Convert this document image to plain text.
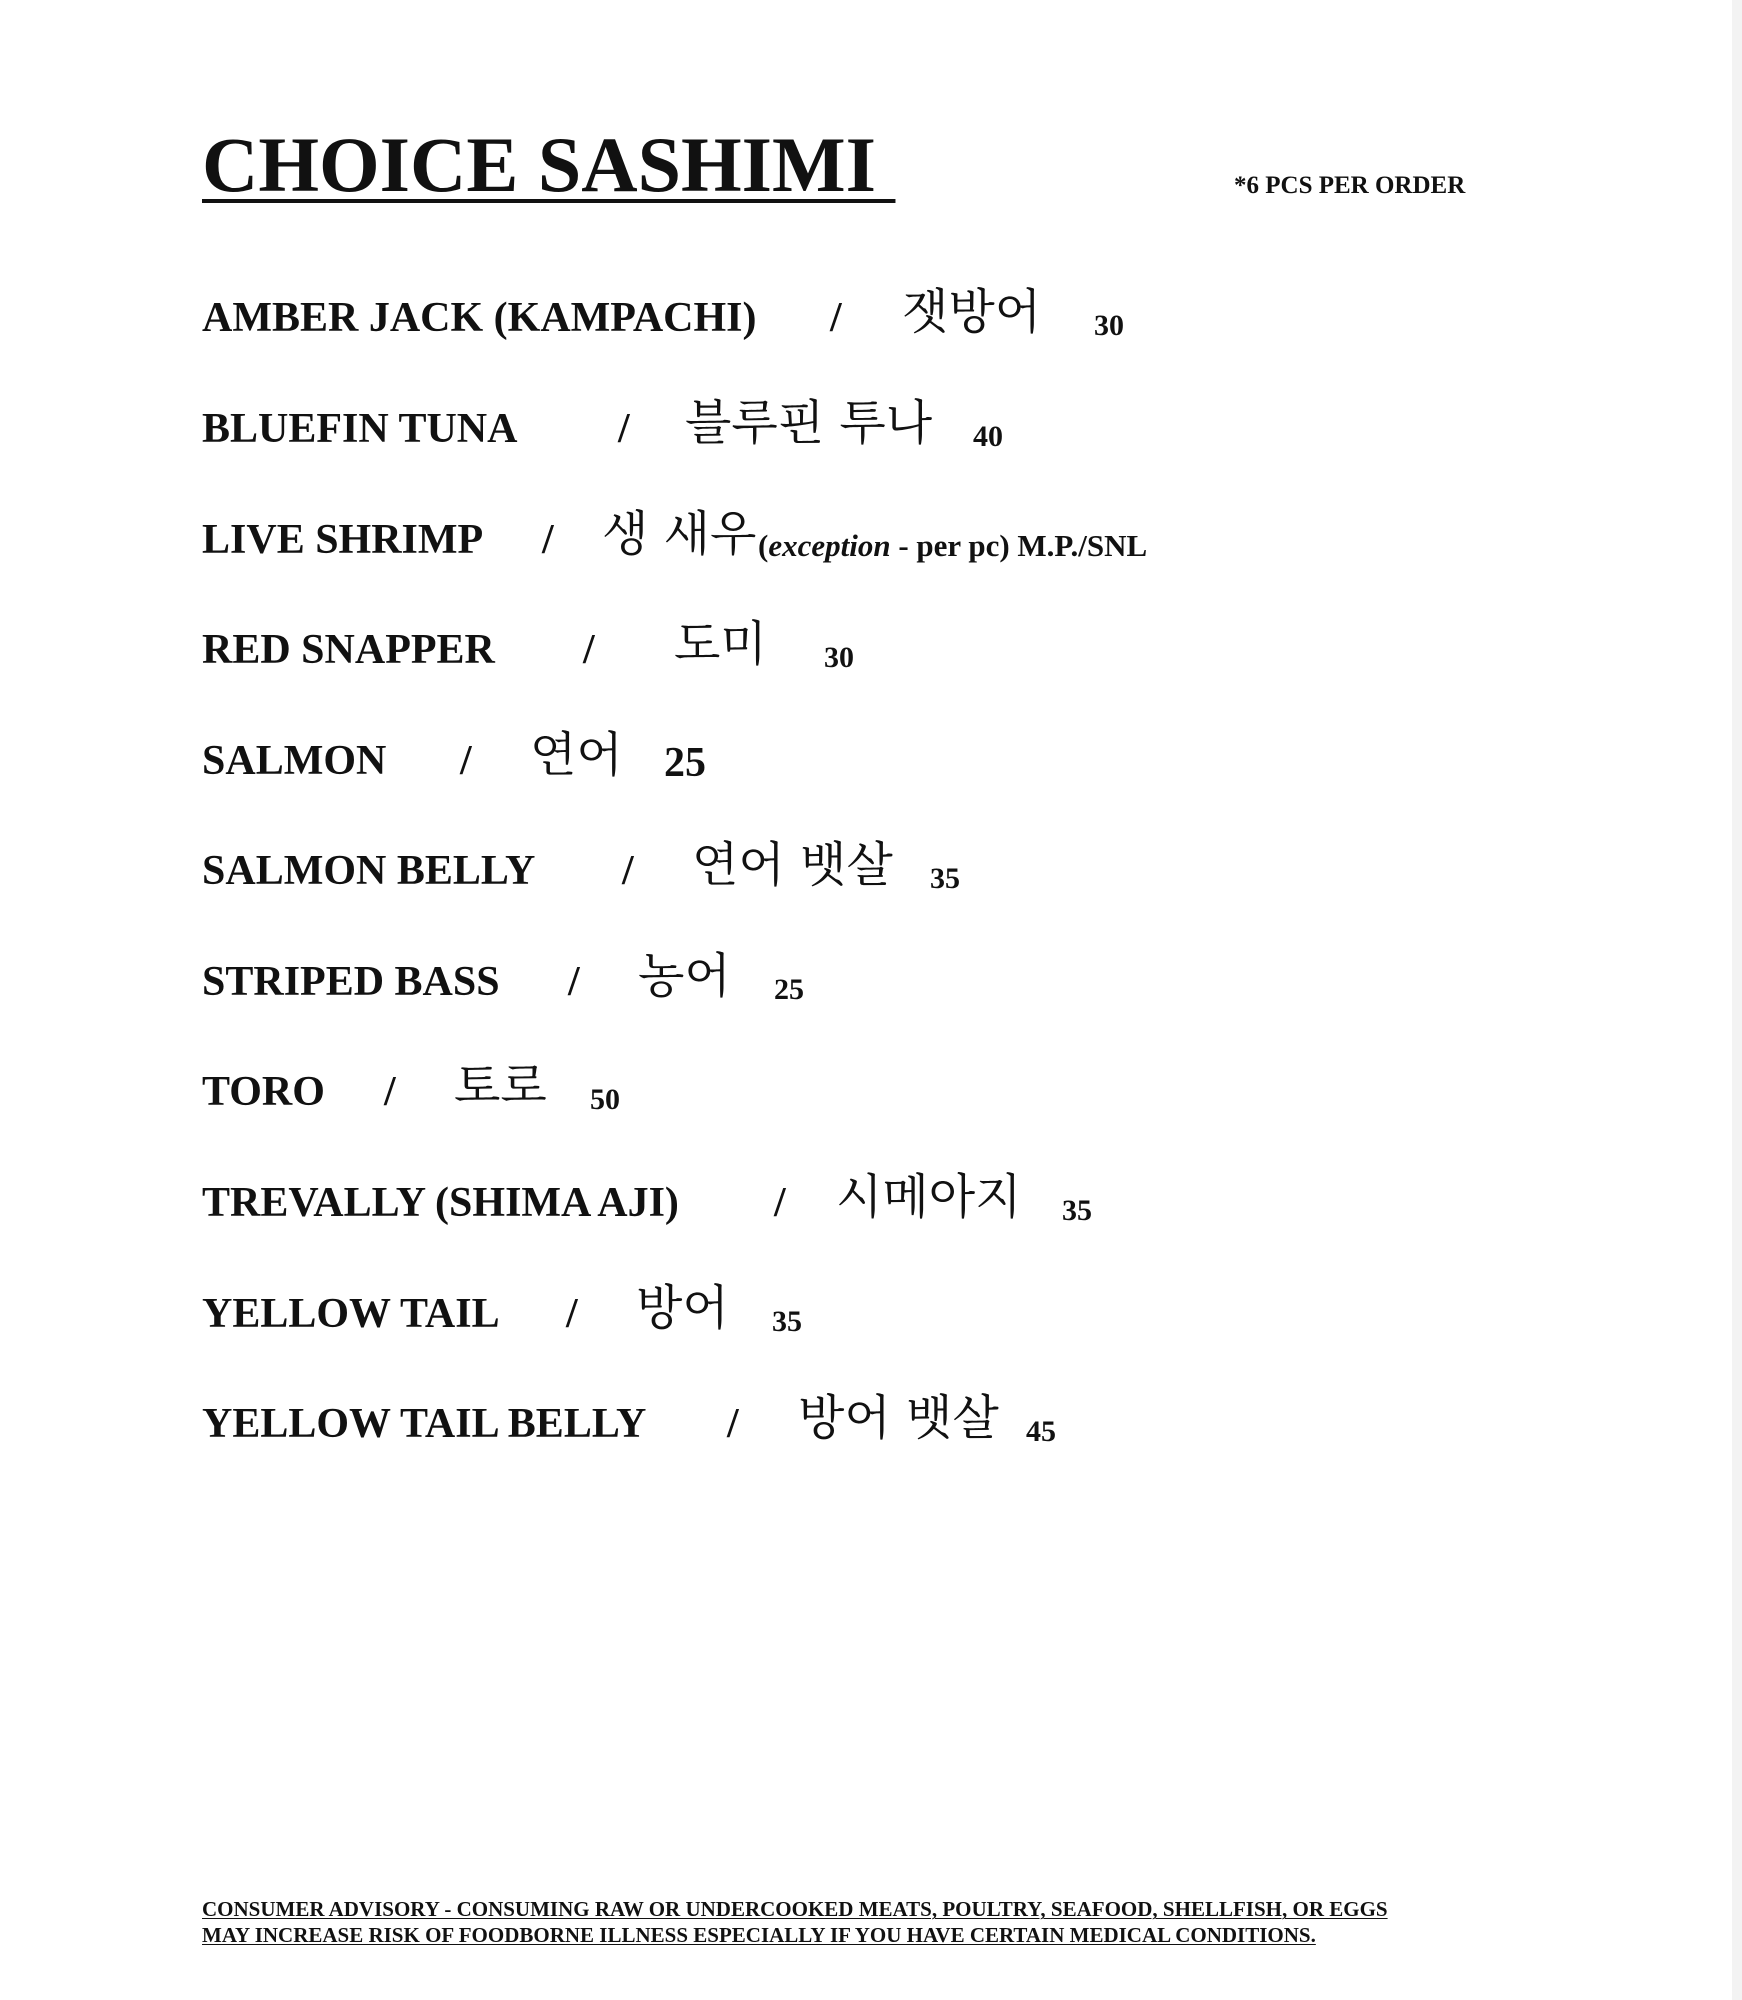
CHOICE SASHIMI	*6 PCS PER ORDER
AMBER JACK (KAMPACHI) / 잿방어 30
BLUEFIN TUNA / 블루핀 투나 40
LIVE SHRIMP / 생 새우 (exception - per pc) M.P./SNL
RED SNAPPER / 도미 30
SALMON / 연어 25
SALMON BELLY / 연어 뱃살 35
STRIPED BASS / 농어 25
TORO / 토로 50
TREVALLY (SHIMA AJI) / 시메아지 35
YELLOW TAIL / 방어 35
YELLOW TAIL BELLY / 방어 뱃살 45
CONSUMER ADVISORY - CONSUMING RAW OR UNDERCOOKED MEATS, POULTRY, SEAFOOD, SHELLFISH, OR EGGS
MAY INCREASE RISK OF FOODBORNE ILLNESS ESPECIALLY IF YOU HAVE CERTAIN MEDICAL CONDITIONS.
